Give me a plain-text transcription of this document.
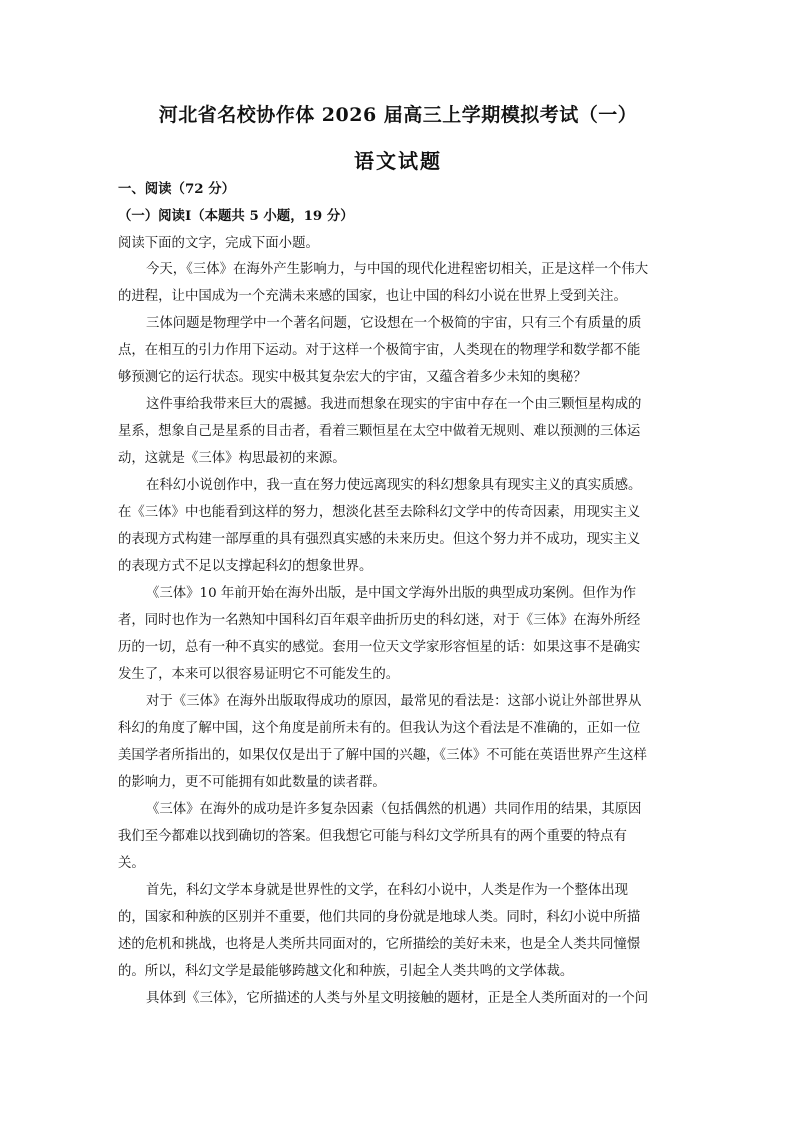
河北省名校协作体 2026 届高三上学期模拟考试（一）
语文试题
一、阅读（72 分）
（一）阅读Ⅰ（本题共 5 小题，19 分）
阅读下面的文字，完成下面小题。
今天，《三体》在海外产生影响力，与中国的现代化进程密切相关，正是这样一个伟大
的进程，让中国成为一个充满未来感的国家，也让中国的科幻小说在世界上受到关注。
三体问题是物理学中一个著名问题，它设想在一个极简的宇宙，只有三个有质量的质
点，在相互的引力作用下运动。对于这样一个极简宇宙，人类现在的物理学和数学都不能
够预测它的运行状态。现实中极其复杂宏大的宇宙，又蕴含着多少未知的奥秘？
这件事给我带来巨大的震撼。我进而想象在现实的宇宙中存在一个由三颗恒星构成的
星系，想象自己是星系的目击者，看着三颗恒星在太空中做着无规则、难以预测的三体运
动，这就是《三体》构思最初的来源。
在科幻小说创作中，我一直在努力使远离现实的科幻想象具有现实主义的真实质感。
在《三体》中也能看到这样的努力，想淡化甚至去除科幻文学中的传奇因素，用现实主义
的表现方式构建一部厚重的具有强烈真实感的未来历史。但这个努力并不成功，现实主义
的表现方式不足以支撑起科幻的想象世界。
《三体》10 年前开始在海外出版，是中国文学海外出版的典型成功案例。但作为作
者，同时也作为一名熟知中国科幻百年艰辛曲折历史的科幻迷，对于《三体》在海外所经
历的一切，总有一种不真实的感觉。套用一位天文学家形容恒星的话：如果这事不是确实
发生了，本来可以很容易证明它不可能发生的。
对于《三体》在海外出版取得成功的原因，最常见的看法是：这部小说让外部世界从
科幻的角度了解中国，这个角度是前所未有的。但我认为这个看法是不准确的，正如一位
美国学者所指出的，如果仅仅是出于了解中国的兴趣，《三体》不可能在英语世界产生这样
的影响力，更不可能拥有如此数量的读者群。
《三体》在海外的成功是许多复杂因素（包括偶然的机遇）共同作用的结果，其原因
我们至今都难以找到确切的答案。但我想它可能与科幻文学所具有的两个重要的特点有
关。
首先，科幻文学本身就是世界性的文学，在科幻小说中，人类是作为一个整体出现
的，国家和种族的区别并不重要，他们共同的身份就是地球人类。同时，科幻小说中所描
述的危机和挑战，也将是人类所共同面对的，它所描绘的美好未来，也是全人类共同憧憬
的。所以，科幻文学是最能够跨越文化和种族，引起全人类共鸣的文学体裁。
具体到《三体》，它所描述的人类与外星文明接触的题材，正是全人类所面对的一个问
